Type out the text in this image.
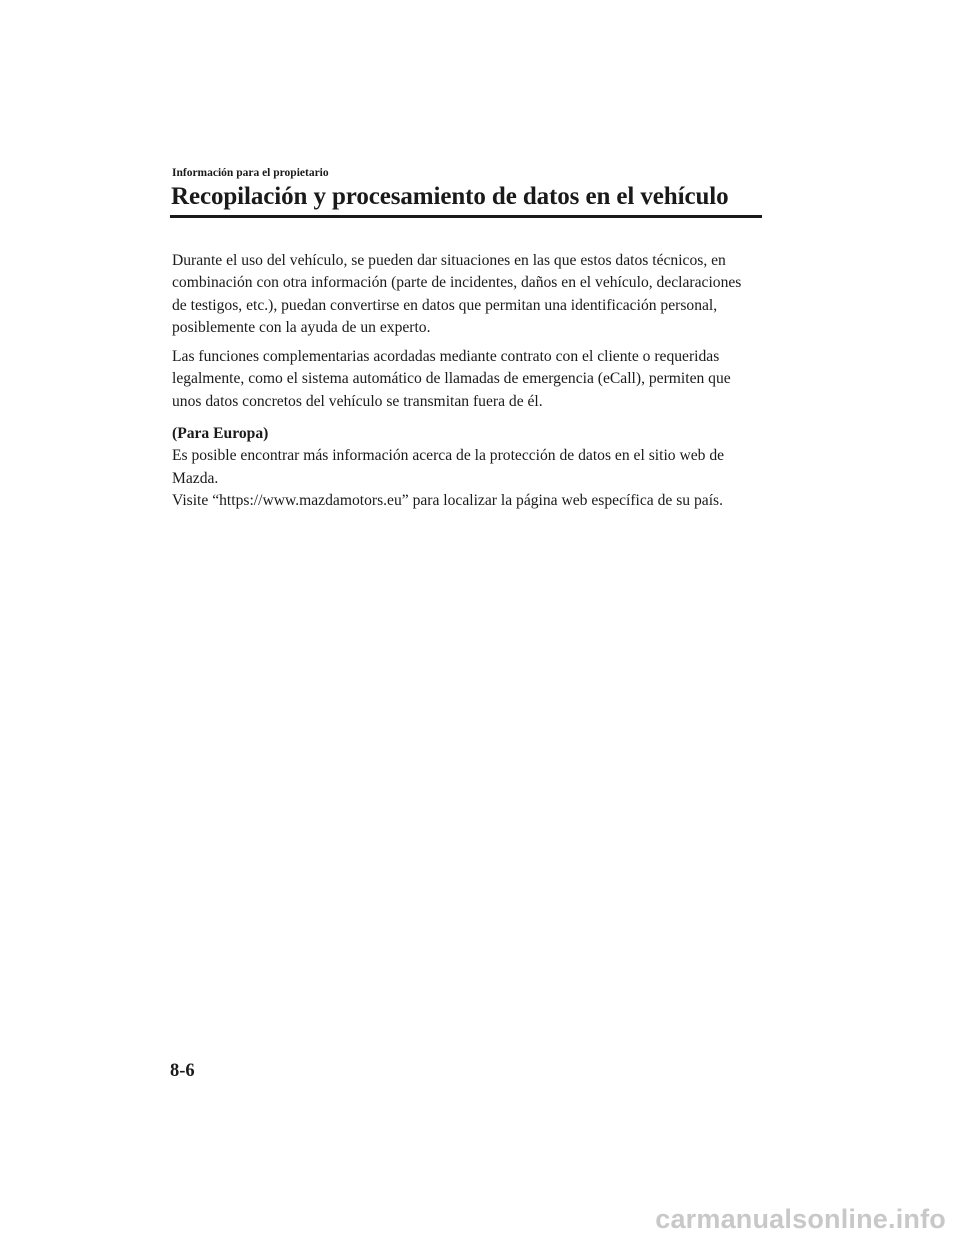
Información para el propietario
Recopilación y procesamiento de datos en el vehículo

Durante el uso del vehículo, se pueden dar situaciones en las que estos datos técnicos, en
combinación con otra información (parte de incidentes, daños en el vehículo, declaraciones
de testigos, etc.), puedan convertirse en datos que permitan una identificación personal,
posiblemente con la ayuda de un experto.

Las funciones complementarias acordadas mediante contrato con el cliente o requeridas
legalmente, como el sistema automático de llamadas de emergencia (eCall), permiten que
unos datos concretos del vehículo se transmitan fuera de él.

(Para Europa)
Es posible encontrar más información acerca de la protección de datos en el sitio web de
Mazda.
Visite “https://www.mazdamotors.eu” para localizar la página web específica de su país.
8-6
carmanualsonline.info
